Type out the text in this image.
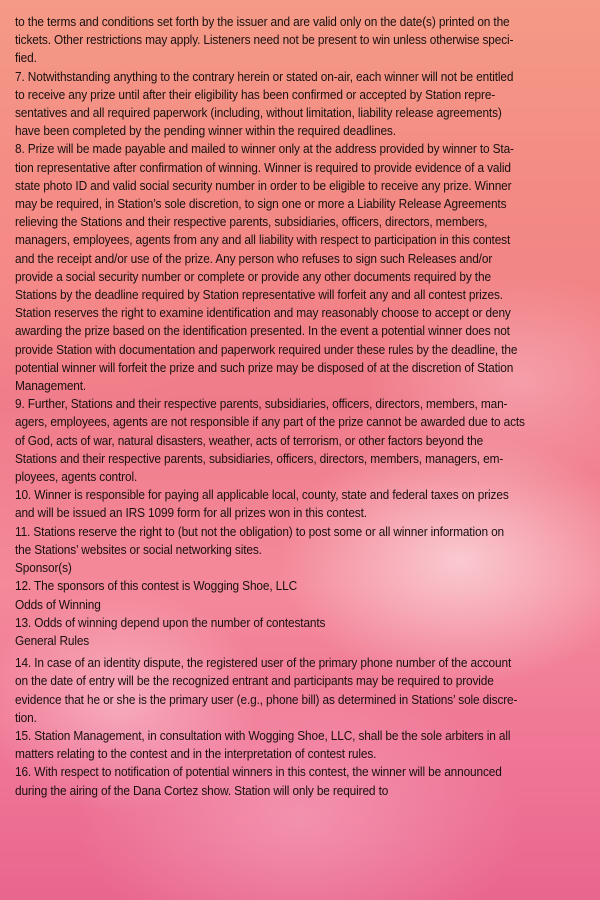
to the terms and conditions set forth by the issuer and are valid only on the date(s) printed on the
tickets. Other restrictions may apply. Listeners need not be present to win unless otherwise speci-
fied.
7. Notwithstanding anything to the contrary herein or stated on-air, each winner will not be entitled
to receive any prize until after their eligibility has been confirmed or accepted by Station repre-
sentatives and all required paperwork (including, without limitation, liability release agreements)
have been completed by the pending winner within the required deadlines.
8. Prize will be made payable and mailed to winner only at the address provided by winner to Sta-
tion representative after confirmation of winning. Winner is required to provide evidence of a valid
state photo ID and valid social security number in order to be eligible to receive any prize. Winner
may be required, in Station’s sole discretion, to sign one or more a Liability Release Agreements
relieving the Stations and their respective parents, subsidiaries, officers, directors, members,
managers, employees, agents from any and all liability with respect to participation in this contest
and the receipt and/or use of the prize. Any person who refuses to sign such Releases and/or
provide a social security number or complete or provide any other documents required by the
Stations by the deadline required by Station representative will forfeit any and all contest prizes.
Station reserves the right to examine identification and may reasonably choose to accept or deny
awarding the prize based on the identification presented. In the event a potential winner does not
provide Station with documentation and paperwork required under these rules by the deadline, the
potential winner will forfeit the prize and such prize may be disposed of at the discretion of Station
Management.
9. Further, Stations and their respective parents, subsidiaries, officers, directors, members, man-
agers, employees, agents are not responsible if any part of the prize cannot be awarded due to acts
of God, acts of war, natural disasters, weather, acts of terrorism, or other factors beyond the
Stations and their respective parents, subsidiaries, officers, directors, members, managers, em-
ployees, agents control.
10. Winner is responsible for paying all applicable local, county, state and federal taxes on prizes
and will be issued an IRS 1099 form for all prizes won in this contest.
11. Stations reserve the right to (but not the obligation) to post some or all winner information on
the Stations’ websites or social networking sites.
Sponsor(s)
12. The sponsors of this contest is Wogging Shoe, LLC
Odds of Winning
13. Odds of winning depend upon the number of contestants
General Rules
14. In case of an identity dispute, the registered user of the primary phone number of the account
on the date of entry will be the recognized entrant and participants may be required to provide
evidence that he or she is the primary user (e.g., phone bill) as determined in Stations’ sole discre-
tion.
15. Station Management, in consultation with Wogging Shoe, LLC, shall be the sole arbiters in all
matters relating to the contest and in the interpretation of contest rules.
16. With respect to notification of potential winners in this contest, the winner will be announced
during the airing of the Dana Cortez show. Station will only be required to
